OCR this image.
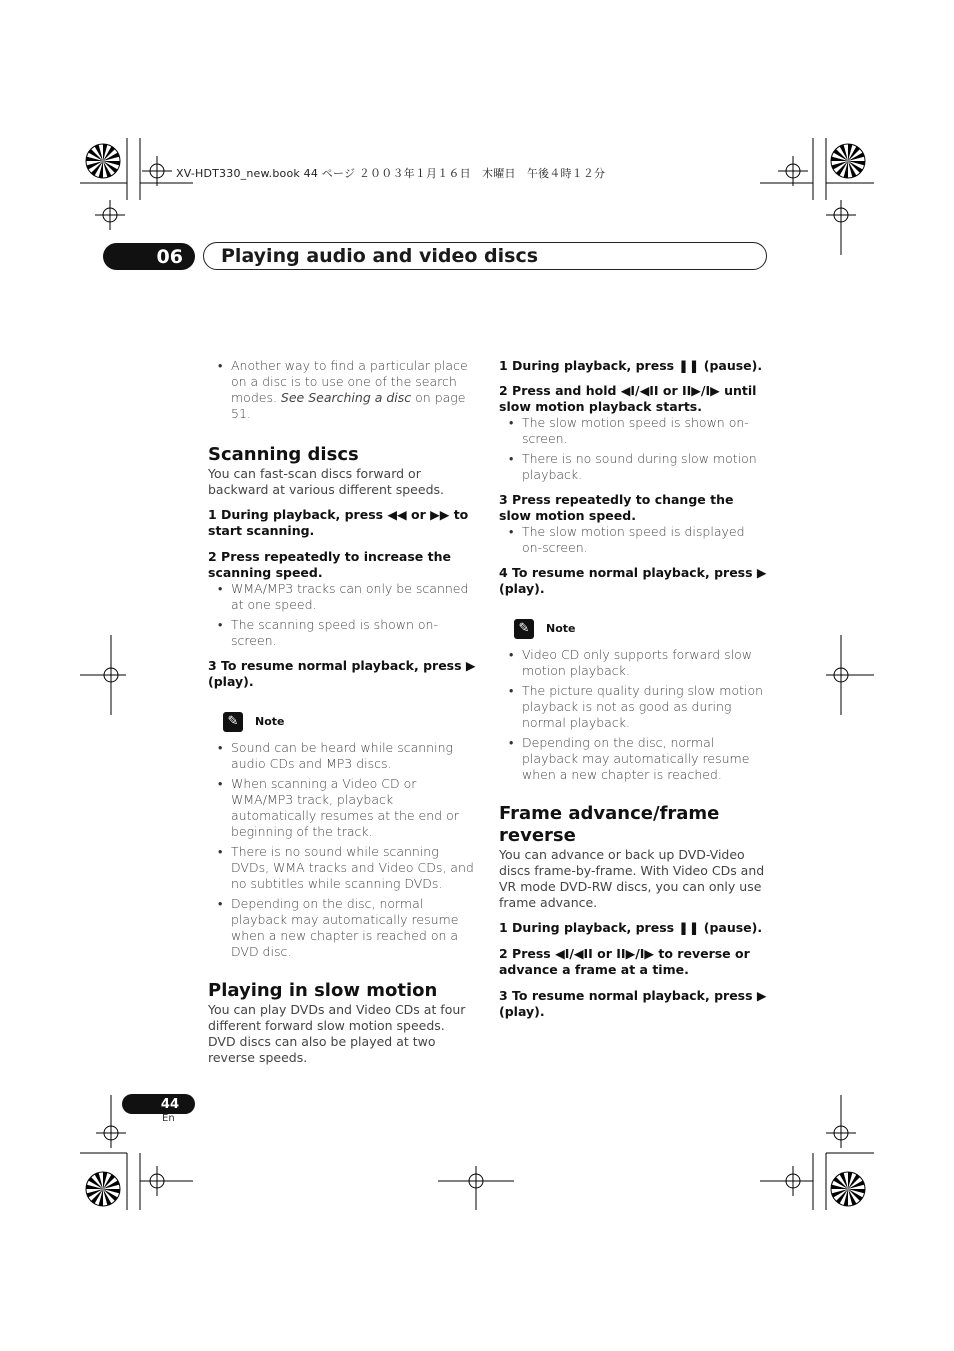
XV-HDT330_new.book 44 ページ ２００３年１月１６日　木曜日　午後４時１２分
06	Playing audio and video discs
• Another way to find a particular place on a disc is to use one of the search modes. See Searching a disc on page 51.
Scanning discs

You can fast-scan discs forward or backward at various different speeds.

1 During playback, press ◀◀ or ▶▶ to start scanning.

2 Press repeatedly to increase the scanning speed.

• WMA/MP3 tracks can only be scanned at one speed.
• The scanning speed is shown on-screen.

3 To resume normal playback, press ▶ (play).

✎	Note
• Sound can be heard while scanning audio CDs and MP3 discs.
• When scanning a Video CD or WMA/MP3 track, playback automatically resumes at the end or beginning of the track.
• There is no sound while scanning DVDs, WMA tracks and Video CDs, and no subtitles while scanning DVDs.
• Depending on the disc, normal playback may automatically resume when a new chapter is reached on a DVD disc.
Playing in slow motion

You can play DVDs and Video CDs at four different forward slow motion speeds. DVD discs can also be played at two reverse speeds.

1 During playback, press ❚❚ (pause).

2 Press and hold ◀I/◀II or II▶/I▶ until slow motion playback starts.

• The slow motion speed is shown on-screen.
• There is no sound during slow motion playback.

3 Press repeatedly to change the slow motion speed.

• The slow motion speed is displayed on-screen.

4 To resume normal playback, press ▶ (play).

✎	Note
• Video CD only supports forward slow motion playback.
• The picture quality during slow motion playback is not as good as during normal playback.
• Depending on the disc, normal playback may automatically resume when a new chapter is reached.
Frame advance/frame reverse

You can advance or back up DVD-Video discs frame-by-frame. With Video CDs and VR mode DVD-RW discs, you can only use frame advance.

1 During playback, press ❚❚ (pause).

2 Press ◀I/◀II or II▶/I▶ to reverse or advance a frame at a time.

3 To resume normal playback, press ▶ (play).

44
En
